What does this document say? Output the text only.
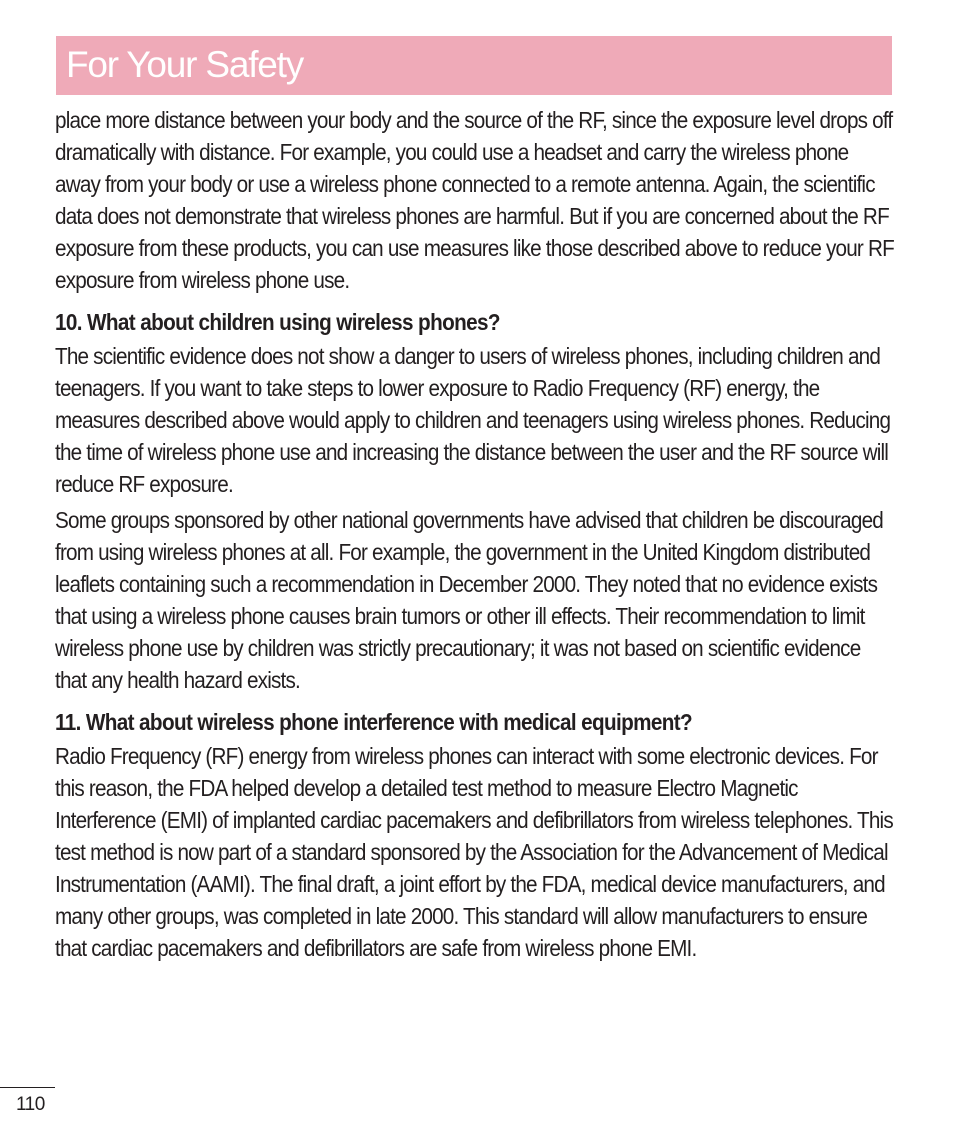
For Your Safety

place more distance between your body and the source of the RF, since the exposure level drops off dramatically with distance. For example, you could use a headset and carry the wireless phone away from your body or use a wireless phone connected to a remote antenna. Again, the scientific data does not demonstrate that wireless phones are harmful. But if you are concerned about the RF exposure from these products, you can use measures like those described above to reduce your RF exposure from wireless phone use.

10. What about children using wireless phones?

The scientific evidence does not show a danger to users of wireless phones, including children and teenagers. If you want to take steps to lower exposure to Radio Frequency (RF) energy, the measures described above would apply to children and teenagers using wireless phones. Reducing the time of wireless phone use and increasing the distance between the user and the RF source will reduce RF exposure.

Some groups sponsored by other national governments have advised that children be discouraged from using wireless phones at all. For example, the government in the United Kingdom distributed leaflets containing such a recommendation in December 2000. They noted that no evidence exists that using a wireless phone causes brain tumors or other ill effects. Their recommendation to limit wireless phone use by children was strictly precautionary; it was not based on scientific evidence that any health hazard exists.

11. What about wireless phone interference with medical equipment?

Radio Frequency (RF) energy from wireless phones can interact with some electronic devices. For this reason, the FDA helped develop a detailed test method to measure Electro Magnetic Interference (EMI) of implanted cardiac pacemakers and defibrillators from wireless telephones. This test method is now part of a standard sponsored by the Association for the Advancement of Medical Instrumentation (AAMI). The final draft, a joint effort by the FDA, medical device manufacturers, and many other groups, was completed in late 2000. This standard will allow manufacturers to ensure that cardiac pacemakers and defibrillators are safe from wireless phone EMI.

110
